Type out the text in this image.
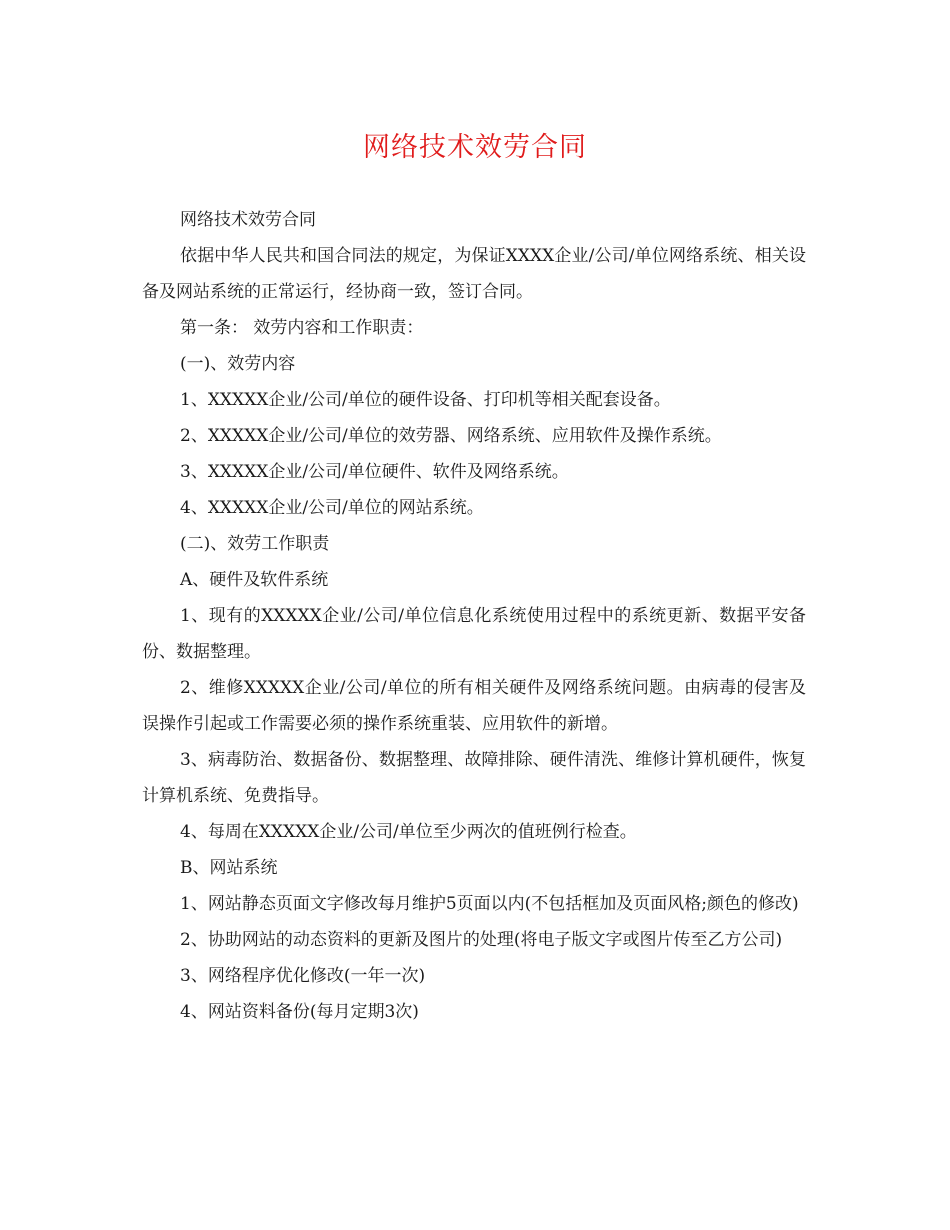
网络技术效劳合同

网络技术效劳合同

依据中华人民共和国合同法的规定，为保证XXXX企业/公司/单位网络系统、相关设备及网站系统的正常运行，经协商一致，签订合同。

第一条： 效劳内容和工作职责：

(一)、效劳内容

1、XXXXX企业/公司/单位的硬件设备、打印机等相关配套设备。

2、XXXXX企业/公司/单位的效劳器、网络系统、应用软件及操作系统。

3、XXXXX企业/公司/单位硬件、软件及网络系统。

4、XXXXX企业/公司/单位的网站系统。

(二)、效劳工作职责

A、硬件及软件系统

1、现有的XXXXX企业/公司/单位信息化系统使用过程中的系统更新、数据平安备份、数据整理。

2、维修XXXXX企业/公司/单位的所有相关硬件及网络系统问题。由病毒的侵害及误操作引起或工作需要必须的操作系统重装、应用软件的新增。

3、病毒防治、数据备份、数据整理、故障排除、硬件清洗、维修计算机硬件，恢复计算机系统、免费指导。

4、每周在XXXXX企业/公司/单位至少两次的值班例行检查。

B、网站系统

1、网站静态页面文字修改每月维护5页面以内(不包括框加及页面风格;颜色的修改)

2、协助网站的动态资料的更新及图片的处理(将电子版文字或图片传至乙方公司)

3、网络程序优化修改(一年一次)

4、网站资料备份(每月定期3次)
